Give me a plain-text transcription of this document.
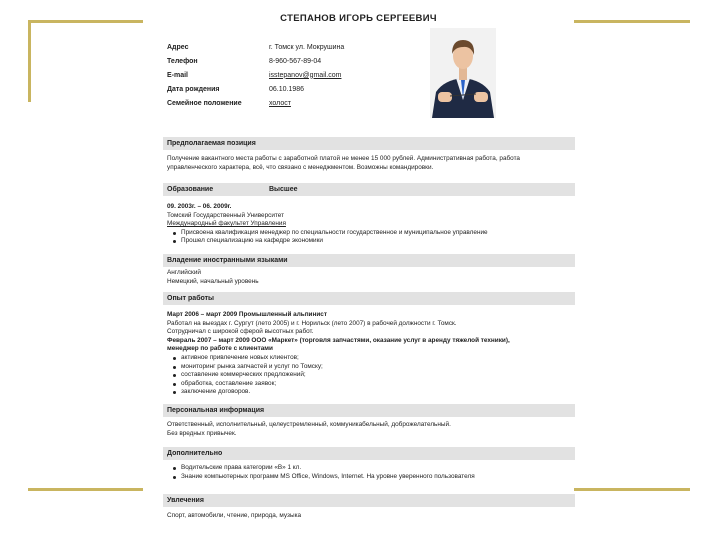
СТЕПАНОВ ИГОРЬ СЕРГЕЕВИЧ
Адрес	г. Томск ул. Мокрушина
Телефон	8-960-567-89-04
E-mail	isstepanov@gmail.com
Дата рождения	06.10.1986
Семейное положение	холост
Предполагаемая позиция
Получение вакантного места работы с заработной платой не менее 15 000 рублей. Административная работа, работа управленческого характера, всё, что связано с менеджментом. Возможны командировки.
Образование	Высшее
09. 2003г. – 06. 2009г.
Томский Государственный Университет
Международный факультет Управления
Присвоена квалификация менеджер по специальности государственное и муниципальное управление
Прошел специализацию на кафедре экономики
Владение иностранными языками
Английский
Немецкий, начальный уровень
Опыт работы
Март 2006 – март 2009 Промышленный альпинист
Работал на выездах г. Сургут (лето 2005) и г. Норильск (лето 2007) в рабочей должности г. Томск.
Сотрудничал с широкой сферой высотных работ.
Февраль 2007 – март 2009 ООО «Маркет» (торговля запчастями, оказание услуг в аренду тяжелой техники),
менеджер по работе с клиентами
активное привлечение новых клиентов;
мониторинг рынка запчастей и услуг по Томску;
составление коммерческих предложений;
обработка, составление заявок;
заключение договоров.
Персональная информация
Ответственный, исполнительный, целеустремленный, коммуникабельный, доброжелательный.
Без вредных привычек.
Дополнительно
Водительские права категории «В» 1 кл.
Знание компьютерных программ MS Office, Windows, Internet. На уровне уверенного пользователя
Увлечения
Спорт, автомобили, чтение, природа, музыка
